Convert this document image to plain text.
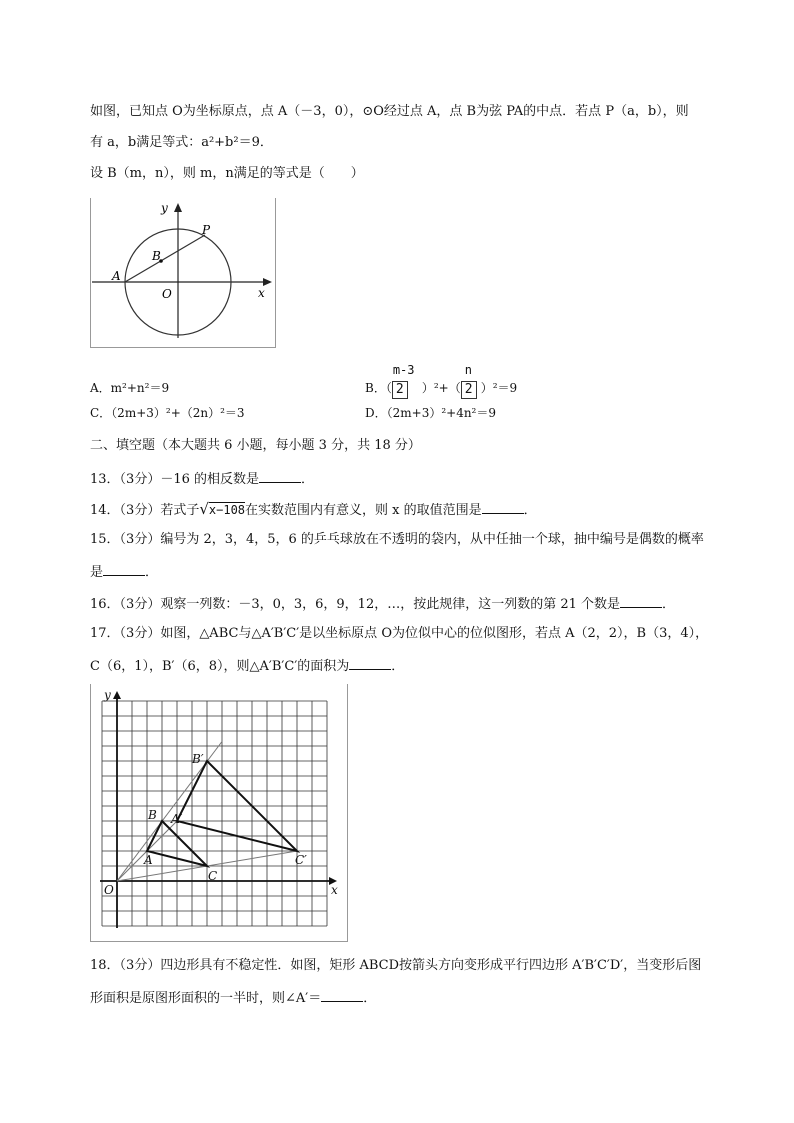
如图，已知点 O为坐标原点，点 A（－3，0），⊙O经过点 A，点 B为弦 PA的中点．若点 P（a，b），则
有 a，b满足等式：a²+b²＝9．
设 B（m，n），则 m，n满足的等式是（　　）
y
x
O
A
B
P
A．m²+n²＝9	B．（ $\frac{m-3}{2})^2+( \frac{n}{2})^2=9$
C．（2m+3）²+（2n）²＝3	D．（2m+3）²+4n²＝9
二、填空题（本大题共 6 小题，每小题 3 分，共 18 分）
13．（3分）－16 的相反数是	．
14．（3分）若式子√x−108在实数范围内有意义，则 x 的取值范围是	．
15．（3分）编号为 2，3，4，5，6 的乒乓球放在不透明的袋内，从中任抽一个球，抽中编号是偶数的概率
是	．
16．（3分）观察一列数：－3，0，3，6，9，12，…，按此规律，这一列数的第 21 个数是	．
17．（3分）如图，△ABC与△A′B′C′是以坐标原点 O为位似中心的位似图形，若点 A（2，2），B（3，4），
C（6，1），B′（6，8），则△A′B′C′的面积为	．
y
x
O
A
B
C
A′
B′
C′
18．（3分）四边形具有不稳定性．如图，矩形 ABCD按箭头方向变形成平行四边形 A′B′C′D′，当变形后图
形面积是原图形面积的一半时，则∠A′＝	．
